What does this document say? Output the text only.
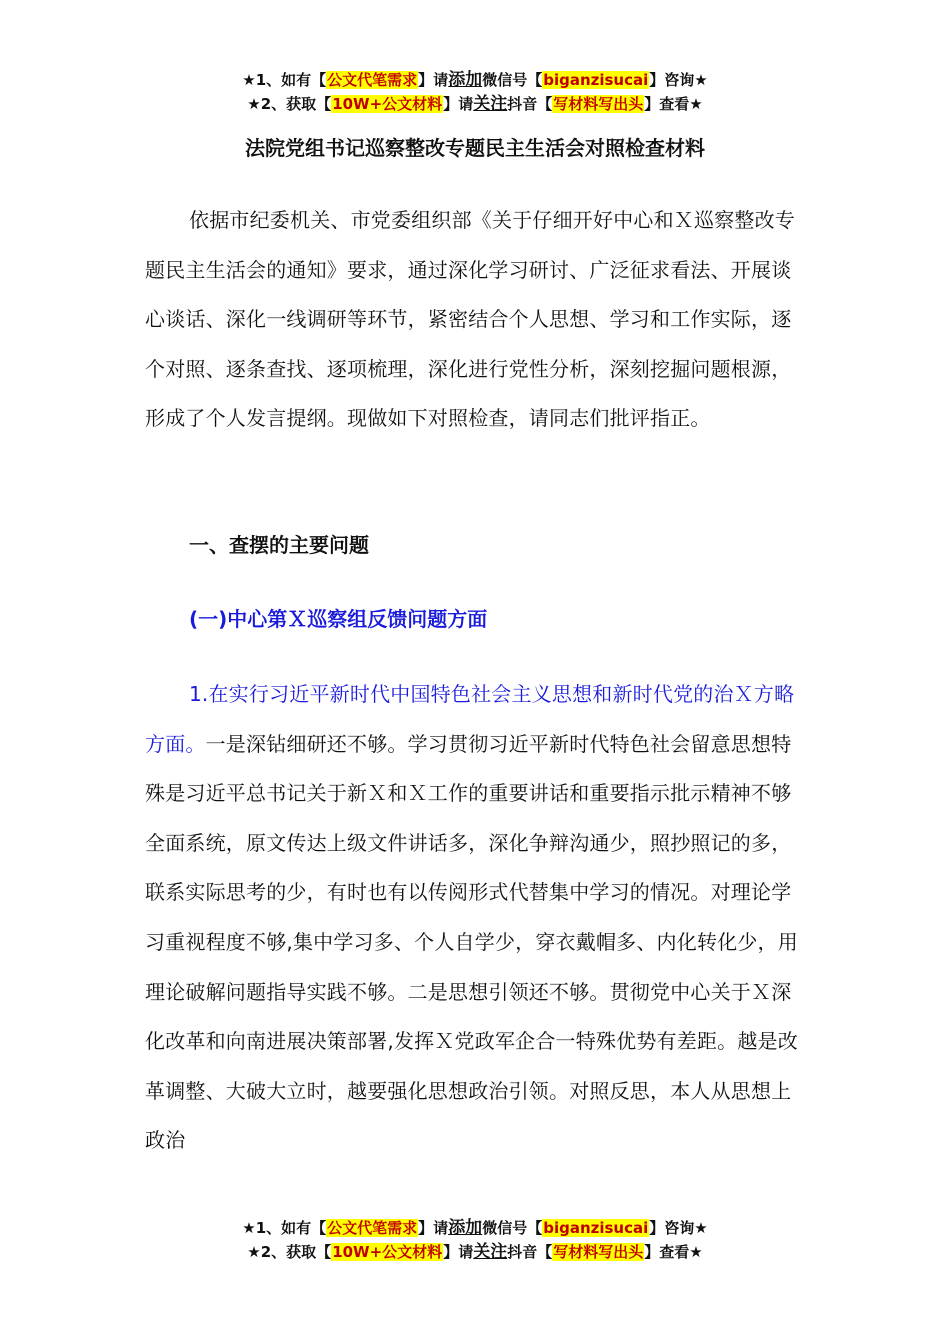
★1、如有【公文代笔需求】请添加微信号【biganzisucai】咨询★
★2、获取【10W+公文材料】请关注抖音【写材料写出头】查看★
法院党组书记巡察整改专题民主生活会对照检查材料
依据市纪委机关、市党委组织部《关于仔细开好中心和Ｘ巡察整改专题民主生活会的通知》要求，通过深化学习研讨、广泛征求看法、开展谈心谈话、深化一线调研等环节，紧密结合个人思想、学习和工作实际，逐个对照、逐条查找、逐项梳理，深化进行党性分析，深刻挖掘问题根源，形成了个人发言提纲。现做如下对照检查，请同志们批评指正。
一、查摆的主要问题
(一)中心第Ｘ巡察组反馈问题方面
1.在实行习近平新时代中国特色社会主义思想和新时代党的治Ｘ方略方面。一是深钻细研还不够。学习贯彻习近平新时代特色社会留意思想特殊是习近平总书记关于新Ｘ和Ｘ工作的重要讲话和重要指示批示精神不够全面系统，原文传达上级文件讲话多，深化争辩沟通少，照抄照记的多，联系实际思考的少，有时也有以传阅形式代替集中学习的情况。对理论学习重视程度不够,集中学习多、个人自学少，穿衣戴帽多、内化转化少，用理论破解问题指导实践不够。二是思想引领还不够。贯彻党中心关于Ｘ深化改革和向南进展决策部署,发挥Ｘ党政军企合一特殊优势有差距。越是改革调整、大破大立时，越要强化思想政治引领。对照反思，本人从思想上政治
★1、如有【公文代笔需求】请添加微信号【biganzisucai】咨询★
★2、获取【10W+公文材料】请关注抖音【写材料写出头】查看★
